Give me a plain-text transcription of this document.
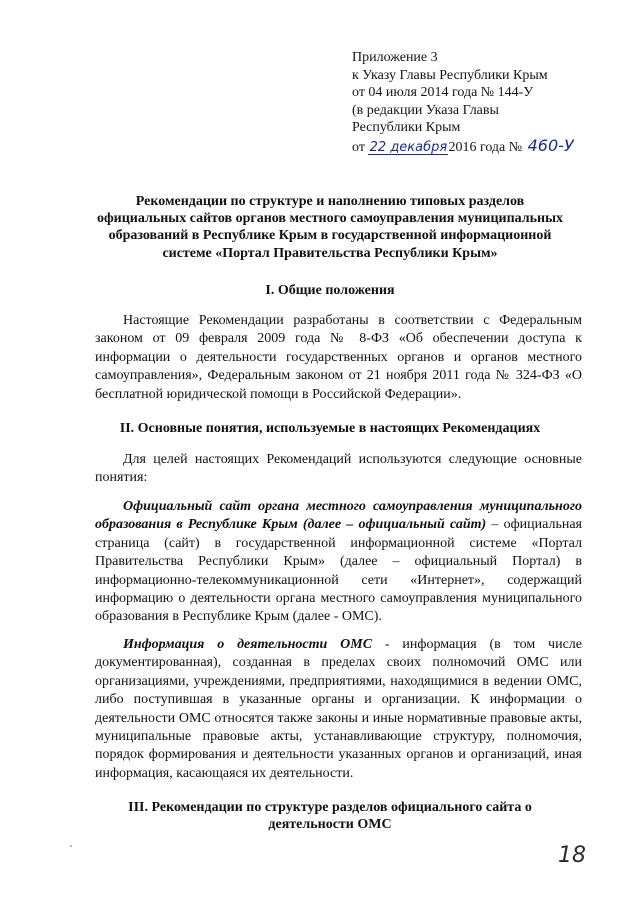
Приложение 3
к Указу Главы Республики Крым
от 04 июля 2014 года № 144-У
(в редакции Указа Главы
Республики Крым
от 22 декабря2016 года № 460-У
Рекомендации по структуре и наполнению типовых разделов
официальных сайтов органов местного самоуправления муниципальных
образований в Республике Крым в государственной информационной
системе «Портал Правительства Республики Крым»
I. Общие положения

Настоящие Рекомендации разработаны в соответствии с Федеральным законом от 09 февраля 2009 года № 8-ФЗ «Об обеспечении доступа к информации о деятельности государственных органов и органов местного самоуправления», Федеральным законом от 21 ноября 2011 года № 324-ФЗ «О бесплатной юридической помощи в Российской Федерации».

II. Основные понятия, используемые в настоящих Рекомендациях

Для целей настоящих Рекомендаций используются следующие основные понятия:

Официальный сайт органа местного самоуправления муниципального образования в Республике Крым (далее – официальный сайт) – официальная страница (сайт) в государственной информационной системе «Портал Правительства Республики Крым» (далее – официальный Портал) в информационно-телекоммуникационной сети «Интернет», содержащий информацию о деятельности органа местного самоуправления муниципального образования в Республике Крым (далее - ОМС).

Информация о деятельности ОМС - информация (в том числе документированная), созданная в пределах своих полномочий ОМС или организациями, учреждениями, предприятиями, находящимися в ведении ОМС, либо поступившая в указанные органы и организации. К информации о деятельности ОМС относятся также законы и иные нормативные правовые акты, муниципальные правовые акты, устанавливающие структуру, полномочия, порядок формирования и деятельности указанных органов и организаций, иная информация, касающаяся их деятельности.

III. Рекомендации по структуре разделов официального сайта о
деятельности ОМС
18
